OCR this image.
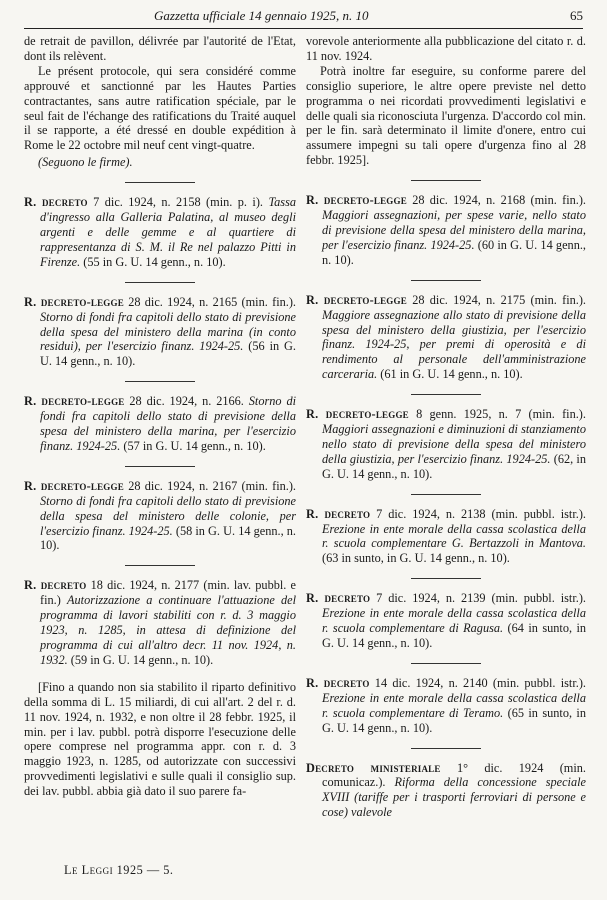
Gazzetta ufficiale 14 gennaio 1925, n. 10	65

de retrait de pavillon, délivrée par l'autorité de l'Etat, dont ils relèvent.

Le présent protocole, qui sera considéré comme approuvé et sanctionné par les Hautes Parties contractantes, sans autre ratification spéciale, par le seul fait de l'échange des ratifications du Traité auquel il se rapporte, a été dressé en double expédition à Rome le 22 octobre mil neuf cent vingt-quatre.

(Seguono le firme).

R. decreto 7 dic. 1924, n. 2158 (min. p. i). Tassa d'ingresso alla Galleria Palatina, al museo degli argenti e delle gemme e al quartiere di rappresentanza di S. M. il Re nel palazzo Pitti in Firenze. (55 in G. U. 14 genn., n. 10).

R. decreto-legge 28 dic. 1924, n. 2165 (min. fin.). Storno di fondi fra capitoli dello stato di previsione della spesa del ministero della marina (in conto residui), per l'esercizio finanz. 1924-25. (56 in G. U. 14 genn., n. 10).

R. decreto-legge 28 dic. 1924, n. 2166. Storno di fondi fra capitoli dello stato di previsione della spesa del ministero della marina, per l'esercizio finanz. 1924-25. (57 in G. U. 14 genn., n. 10).

R. decreto-legge 28 dic. 1924, n. 2167 (min. fin.). Storno di fondi fra capitoli dello stato di previsione della spesa del ministero delle colonie, per l'esercizio finanz. 1924-25. (58 in G. U. 14 genn., n. 10).

R. decreto 18 dic. 1924, n. 2177 (min. lav. pubbl. e fin.) Autorizzazione a continuare l'attuazione del programma di lavori stabiliti con r. d. 3 maggio 1923, n. 1285, in attesa di definizione del programma di cui all'altro decr. 11 nov. 1924, n. 1932. (59 in G. U. 14 genn., n. 10).

[Fino a quando non sia stabilito il riparto definitivo della somma di L. 15 miliardi, di cui all'art. 2 del r. d. 11 nov. 1924, n. 1932, e non oltre il 28 febbr. 1925, il min. per i lav. pubbl. potrà disporre l'esecuzione delle opere comprese nel programma appr. con r. d. 3 maggio 1923, n. 1285, od autorizzate con successivi provvedimenti legislativi e sulle quali il consiglio sup. dei lav. pubbl. abbia già dato il suo parere fa-

vorevole anteriormente alla pubblicazione del citato r. d. 11 nov. 1924.

Potrà inoltre far eseguire, su conforme parere del consiglio superiore, le altre opere previste nel detto programma o nei ricordati provvedimenti legislativi e delle quali sia riconosciuta l'urgenza. D'accordo col min. per le fin. sarà determinato il limite d'onere, entro cui assumere impegni su tali opere d'urgenza fino al 28 febbr. 1925].

R. decreto-legge 28 dic. 1924, n. 2168 (min. fin.). Maggiori assegnazioni, per spese varie, nello stato di previsione della spesa del ministero della marina, per l'esercizio finanz. 1924-25. (60 in G. U. 14 genn., n. 10).

R. decreto-legge 28 dic. 1924, n. 2175 (min. fin.). Maggiore assegnazione allo stato di previsione della spesa del ministero della giustizia, per l'esercizio finanz. 1924-25, per premi di operosità e di rendimento al personale dell'amministrazione carceraria. (61 in G. U. 14 genn., n. 10).

R. decreto-legge 8 genn. 1925, n. 7 (min. fin.). Maggiori assegnazioni e diminuzioni di stanziamento nello stato di previsione della spesa del ministero della giustizia, per l'esercizio finanz. 1924-25. (62, in G. U. 14 genn., n. 10).

R. decreto 7 dic. 1924, n. 2138 (min. pubbl. istr.). Erezione in ente morale della cassa scolastica della r. scuola complementare G. Bertazzoli in Mantova. (63 in sunto, in G. U. 14 genn., n. 10).

R. decreto 7 dic. 1924, n. 2139 (min. pubbl. istr.). Erezione in ente morale della cassa scolastica della r. scuola complementare di Ragusa. (64 in sunto, in G. U. 14 genn., n. 10).

R. decreto 14 dic. 1924, n. 2140 (min. pubbl. istr.). Erezione in ente morale della cassa scolastica della r. scuola complementare di Teramo. (65 in sunto, in G. U. 14 genn., n. 10).

Decreto ministeriale 1° dic. 1924 (min. comunicaz.). Riforma della concessione speciale XVIII (tariffe per i trasporti ferroviari di persone e cose) valevole

Le Leggi 1925 — 5.
